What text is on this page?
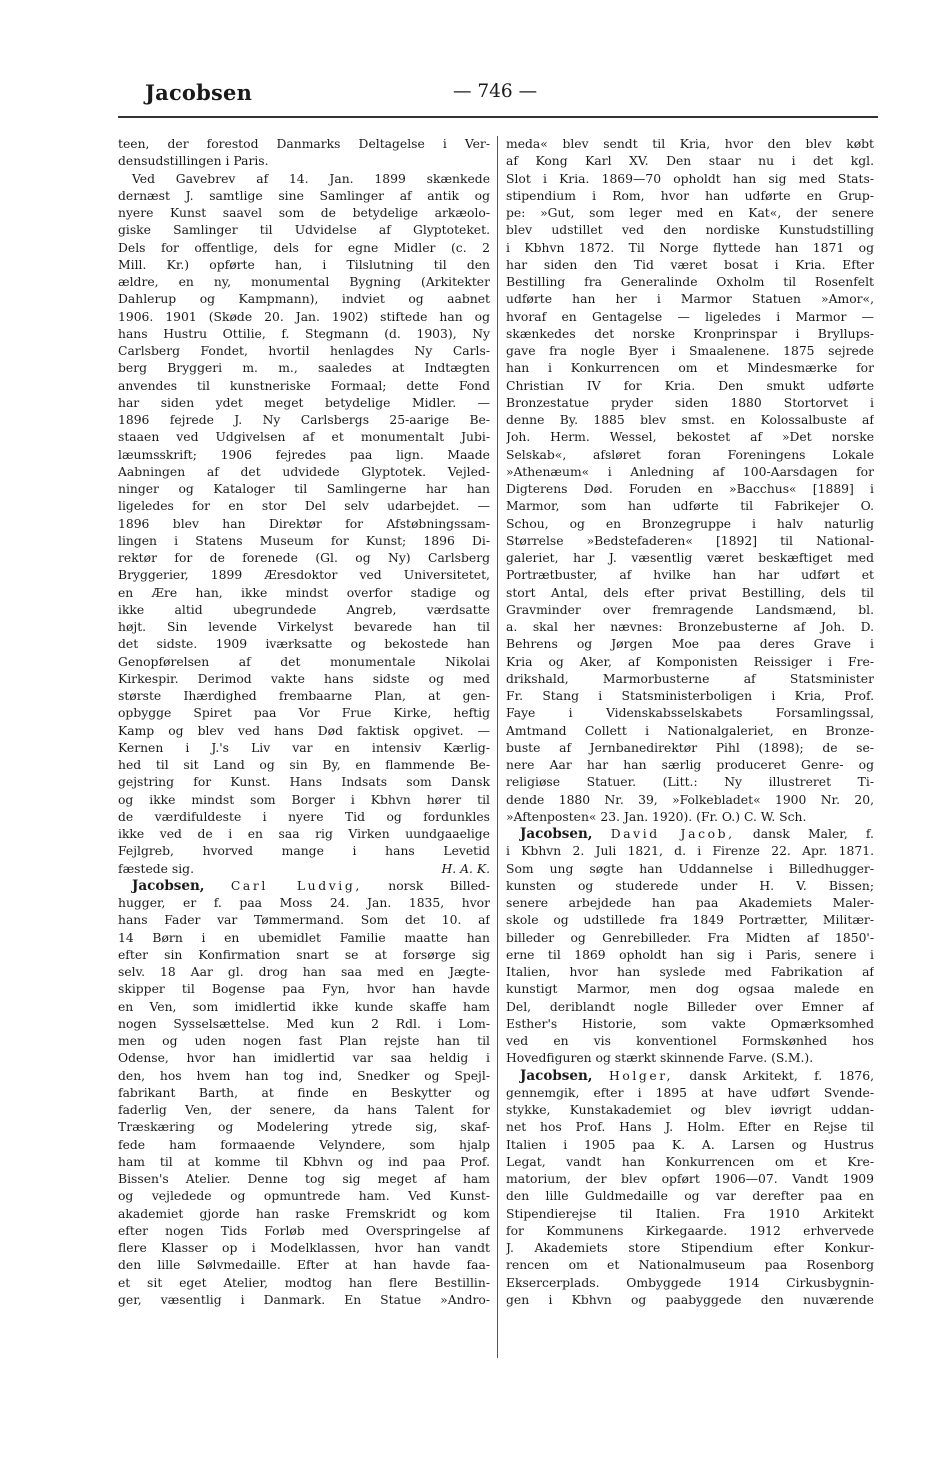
Jacobsen	— 746 —
teen, der forestod Danmarks Deltagelse i Ver-
densudstillingen i Paris.
Ved Gavebrev af 14. Jan. 1899 skænkede
dernæst J. samtlige sine Samlinger af antik og
nyere Kunst saavel som de betydelige arkæolo-
giske Samlinger til Udvidelse af Glyptoteket.
Dels for offentlige, dels for egne Midler (c. 2
Mill. Kr.) opførte han, i Tilslutning til den
ældre, en ny, monumental Bygning (Arkitekter
Dahlerup og Kampmann), indviet og aabnet
1906. 1901 (Skøde 20. Jan. 1902) stiftede han og
hans Hustru Ottilie, f. Stegmann (d. 1903), Ny
Carlsberg Fondet, hvortil henlagdes Ny Carls-
berg Bryggeri m. m., saaledes at Indtægten
anvendes til kunstneriske Formaal; dette Fond
har siden ydet meget betydelige Midler. —
1896 fejrede J. Ny Carlsbergs 25-aarige Be-
staaen ved Udgivelsen af et monumentalt Jubi-
læumsskrift; 1906 fejredes paa lign. Maade
Aabningen af det udvidede Glyptotek. Vejled-
ninger og Kataloger til Samlingerne har han
ligeledes for en stor Del selv udarbejdet. —
1896 blev han Direktør for Afstøbningssam-
lingen i Statens Museum for Kunst; 1896 Di-
rektør for de forenede (Gl. og Ny) Carlsberg
Bryggerier, 1899 Æresdoktor ved Universitetet,
en Ære han, ikke mindst overfor stadige og
ikke altid ubegrundede Angreb, værdsatte
højt. Sin levende Virkelyst bevarede han til
det sidste. 1909 iværksatte og bekostede han
Genopførelsen af det monumentale Nikolai
Kirkespir. Derimod vakte hans sidste og med
største Ihærdighed frembaarne Plan, at gen-
opbygge Spiret paa Vor Frue Kirke, heftig
Kamp og blev ved hans Død faktisk opgivet. —
Kernen i J.'s Liv var en intensiv Kærlig-
hed til sit Land og sin By, en flammende Be-
gejstring for Kunst. Hans Indsats som Dansk
og ikke mindst som Borger i Kbhvn hører til
de værdifuldeste i nyere Tid og fordunkles
ikke ved de i en saa rig Virken uundgaaelige
Fejlgreb, hvorved mange i hans Levetid
fæstede sig.	H. A. K.
Jacobsen, Carl Ludvig, norsk Billed-
hugger, er f. paa Moss 24. Jan. 1835, hvor
hans Fader var Tømmermand. Som det 10. af
14 Børn i en ubemidlet Familie maatte han
efter sin Konfirmation snart se at forsørge sig
selv. 18 Aar gl. drog han saa med en Jægte-
skipper til Bogense paa Fyn, hvor han havde
en Ven, som imidlertid ikke kunde skaffe ham
nogen Sysselsættelse. Med kun 2 Rdl. i Lom-
men og uden nogen fast Plan rejste han til
Odense, hvor han imidlertid var saa heldig i
den, hos hvem han tog ind, Snedker og Spejl-
fabrikant Barth, at finde en Beskytter og
faderlig Ven, der senere, da hans Talent for
Træskæring og Modelering ytrede sig, skaf-
fede ham formaaende Velyndere, som hjalp
ham til at komme til Kbhvn og ind paa Prof.
Bissen's Atelier. Denne tog sig meget af ham
og vejledede og opmuntrede ham. Ved Kunst-
akademiet gjorde han raske Fremskridt og kom
efter nogen Tids Forløb med Overspringelse af
flere Klasser op i Modelklassen, hvor han vandt
den lille Sølvmedaille. Efter at han havde faa-
et sit eget Atelier, modtog han flere Bestillin-
ger, væsentlig i Danmark. En Statue »Andro-
meda« blev sendt til Kria, hvor den blev købt
af Kong Karl XV. Den staar nu i det kgl.
Slot i Kria. 1869—70 opholdt han sig med Stats-
stipendium i Rom, hvor han udførte en Grup-
pe: »Gut, som leger med en Kat«, der senere
blev udstillet ved den nordiske Kunstudstilling
i Kbhvn 1872. Til Norge flyttede han 1871 og
har siden den Tid været bosat i Kria. Efter
Bestilling fra Generalinde Oxholm til Rosenfelt
udførte han her i Marmor Statuen »Amor«,
hvoraf en Gentagelse — ligeledes i Marmor —
skænkedes det norske Kronprinspar i Bryllups-
gave fra nogle Byer i Smaalenene. 1875 sejrede
han i Konkurrencen om et Mindesmærke for
Christian IV for Kria. Den smukt udførte
Bronzestatue pryder siden 1880 Stortorvet i
denne By. 1885 blev smst. en Kolossalbuste af
Joh. Herm. Wessel, bekostet af »Det norske
Selskab«, afsløret foran Foreningens Lokale
»Athenæum« i Anledning af 100-Aarsdagen for
Digterens Død. Foruden en »Bacchus« [1889] i
Marmor, som han udførte til Fabrikejer O.
Schou, og en Bronzegruppe i halv naturlig
Størrelse »Bedstefaderen« [1892] til National-
galeriet, har J. væsentlig været beskæftiget med
Portrætbuster, af hvilke han har udført et
stort Antal, dels efter privat Bestilling, dels til
Gravminder over fremragende Landsmænd, bl.
a. skal her nævnes: Bronzebusterne af Joh. D.
Behrens og Jørgen Moe paa deres Grave i
Kria og Aker, af Komponisten Reissiger i Fre-
drikshald, Marmorbusterne af Statsminister
Fr. Stang i Statsministerboligen i Kria, Prof.
Faye i Videnskabsselskabets Forsamlingssal,
Amtmand Collett i Nationalgaleriet, en Bronze-
buste af Jernbanedirektør Pihl (1898); de se-
nere Aar har han særlig produceret Genre- og
religiøse Statuer. (Litt.: Ny illustreret Ti-
dende 1880 Nr. 39, »Folkebladet« 1900 Nr. 20,
»Aftenposten« 23. Jan. 1920). (Fr. O.) C. W. Sch.
Jacobsen, David Jacob, dansk Maler, f.
i Kbhvn 2. Juli 1821, d. i Firenze 22. Apr. 1871.
Som ung søgte han Uddannelse i Billedhugger-
kunsten og studerede under H. V. Bissen;
senere arbejdede han paa Akademiets Maler-
skole og udstillede fra 1849 Portrætter, Militær-
billeder og Genrebilleder. Fra Midten af 1850'-
erne til 1869 opholdt han sig i Paris, senere i
Italien, hvor han syslede med Fabrikation af
kunstigt Marmor, men dog ogsaa malede en
Del, deriblandt nogle Billeder over Emner af
Esther's Historie, som vakte Opmærksomhed
ved en vis konventionel Formskønhed hos
Hovedfiguren og stærkt skinnende Farve. (S.M.).
Jacobsen, Holger, dansk Arkitekt, f. 1876,
gennemgik, efter i 1895 at have udført Svende-
stykke, Kunstakademiet og blev iøvrigt uddan-
net hos Prof. Hans J. Holm. Efter en Rejse til
Italien i 1905 paa K. A. Larsen og Hustrus
Legat, vandt han Konkurrencen om et Kre-
matorium, der blev opført 1906—07. Vandt 1909
den lille Guldmedaille og var derefter paa en
Stipendierejse til Italien. Fra 1910 Arkitekt
for Kommunens Kirkegaarde. 1912 erhvervede
J. Akademiets store Stipendium efter Konkur-
rencen om et Nationalmuseum paa Rosenborg
Eksercerplads. Ombyggede 1914 Cirkusbygnin-
gen i Kbhvn og paabyggede den nuværende
